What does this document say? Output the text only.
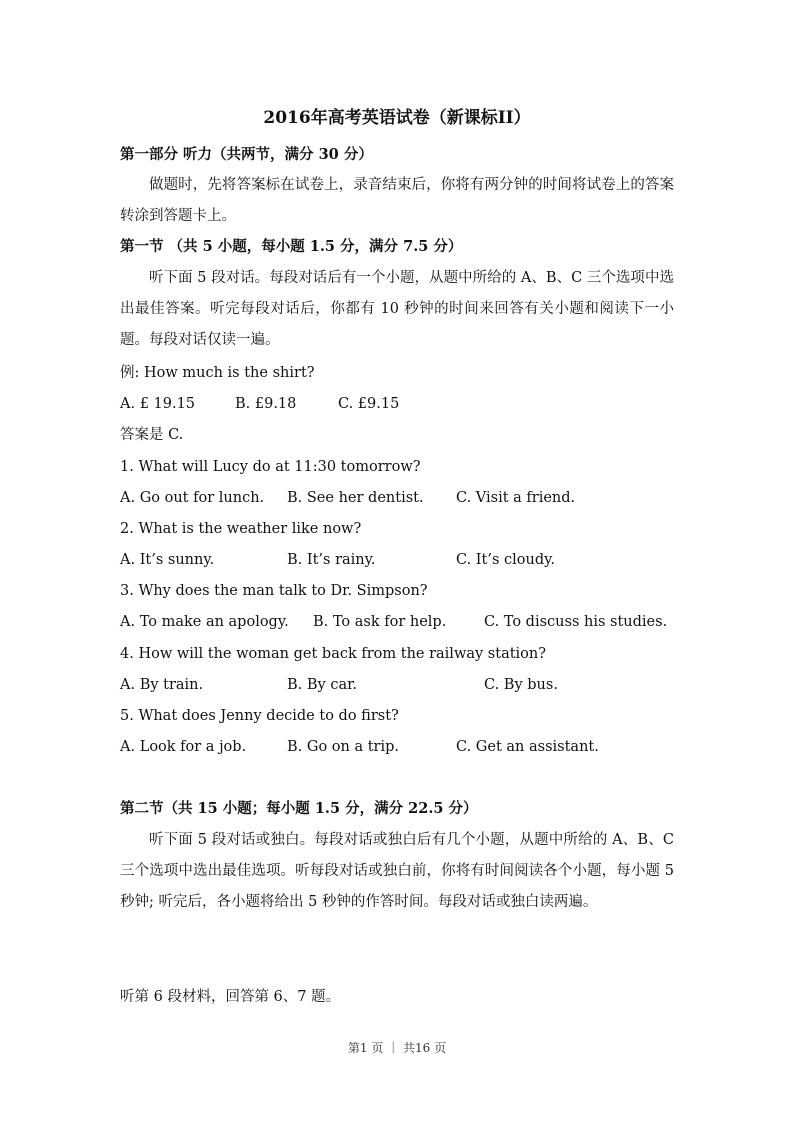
2016年高考英语试卷（新课标II）
第一部分 听力（共两节，满分 30 分）
做题时，先将答案标在试卷上，录音结束后，你将有两分钟的时间将试卷上的答案转涂到答题卡上。
第一节 （共 5 小题，每小题 1.5 分，满分 7.5 分）
听下面 5 段对话。每段对话后有一个小题，从题中所给的 A、B、C 三个选项中选出最佳答案。听完每段对话后，你都有 10 秒钟的时间来回答有关小题和阅读下一小题。每段对话仅读一遍。
例: How much is the shirt?
A. £ 19.15	B. £9.18	C. £9.15
答案是 C.
1. What will Lucy do at 11:30 tomorrow?
A. Go out for lunch. B. See her dentist. C. Visit a friend.
2. What is the weather like now?
A. It’s sunny.	B. It’s rainy.	C. It’s cloudy.
3. Why does the man talk to Dr. Simpson?
A. To make an apology. B. To ask for help.	C. To discuss his studies.
4. How will the woman get back from the railway station?
A. By train.	B. By car.	C. By bus.
5. What does Jenny decide to do first?
A. Look for a job.	B. Go on a trip.	C. Get an assistant.
第二节（共 15 小题；每小题 1.5 分，满分 22.5 分）
听下面 5 段对话或独白。每段对话或独白后有几个小题，从题中所给的 A、B、C 三个选项中选出最佳选项。听每段对话或独白前，你将有时间阅读各个小题，每小题 5 秒钟; 听完后，各小题将给出 5 秒钟的作答时间。每段对话或独白读两遍。
听第 6 段材料，回答第 6、7 题。
第1 页 ｜ 共16 页
